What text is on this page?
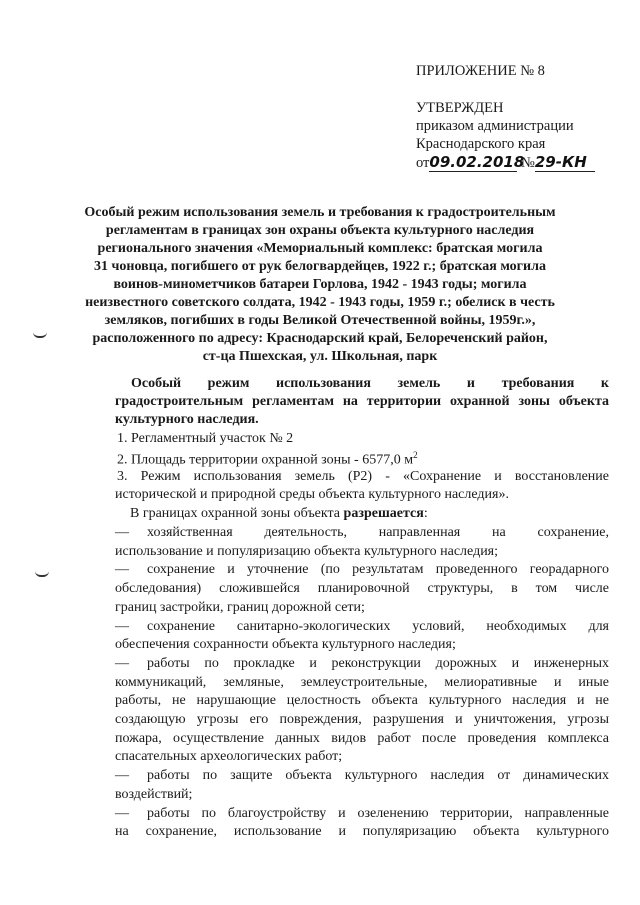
ПРИЛОЖЕНИЕ № 8
УТВЕРЖДЕН
приказом администрации
Краснодарского края
от09.02.2018 №29-КН
Особый режим использования земель и требования к градостроительным
регламентам в границах зон охраны объекта культурного наследия
регионального значения «Мемориальный комплекс: братская могила
31 чоновца, погибшего от рук белогвардейцев, 1922 г.; братская могила
воинов-минометчиков батареи Горлова, 1942 - 1943 годы; могила
неизвестного советского солдата, 1942 - 1943 годы, 1959 г.; обелиск в честь
земляков, погибших в годы Великой Отечественной войны, 1959г.»,
расположенного по адресу: Краснодарский край, Белореченский район,
ст-ца Пшехская, ул. Школьная, парк
Особый режим использования земель и требования к
градостроительным регламентам на территории охранной зоны объекта
культурного наследия.
1. Регламентный участок № 2
2. Площадь территории охранной зоны - 6577,0 $м^2$
3. Режим использования земель (Р2) - «Сохранение и восстановление
исторической и природной среды объекта культурного наследия».
В границах охранной зоны объекта разрешается:
—	хозяйственная деятельность, направленная на сохранение,
использование и популяризацию объекта культурного наследия;
—	сохранение и уточнение (по результатам проведенного георадарного
обследования) сложившейся планировочной структуры, в том числе
границ застройки, границ дорожной сети;
—	сохранение санитарно-экологических условий, необходимых для
обеспечения сохранности объекта культурного наследия;
—	работы по прокладке и реконструкции дорожных и инженерных
коммуникаций, земляные, землеустроительные, мелиоративные и иные
работы, не нарушающие целостность объекта культурного наследия и не
создающую угрозы его повреждения, разрушения и уничтожения, угрозы
пожара, осуществление данных видов работ после проведения комплекса
спасательных археологических работ;
—	работы по защите объекта культурного наследия от динамических
воздействий;
—	работы по благоустройству и озеленению территории, направленные
на сохранение, использование и популяризацию объекта культурного
